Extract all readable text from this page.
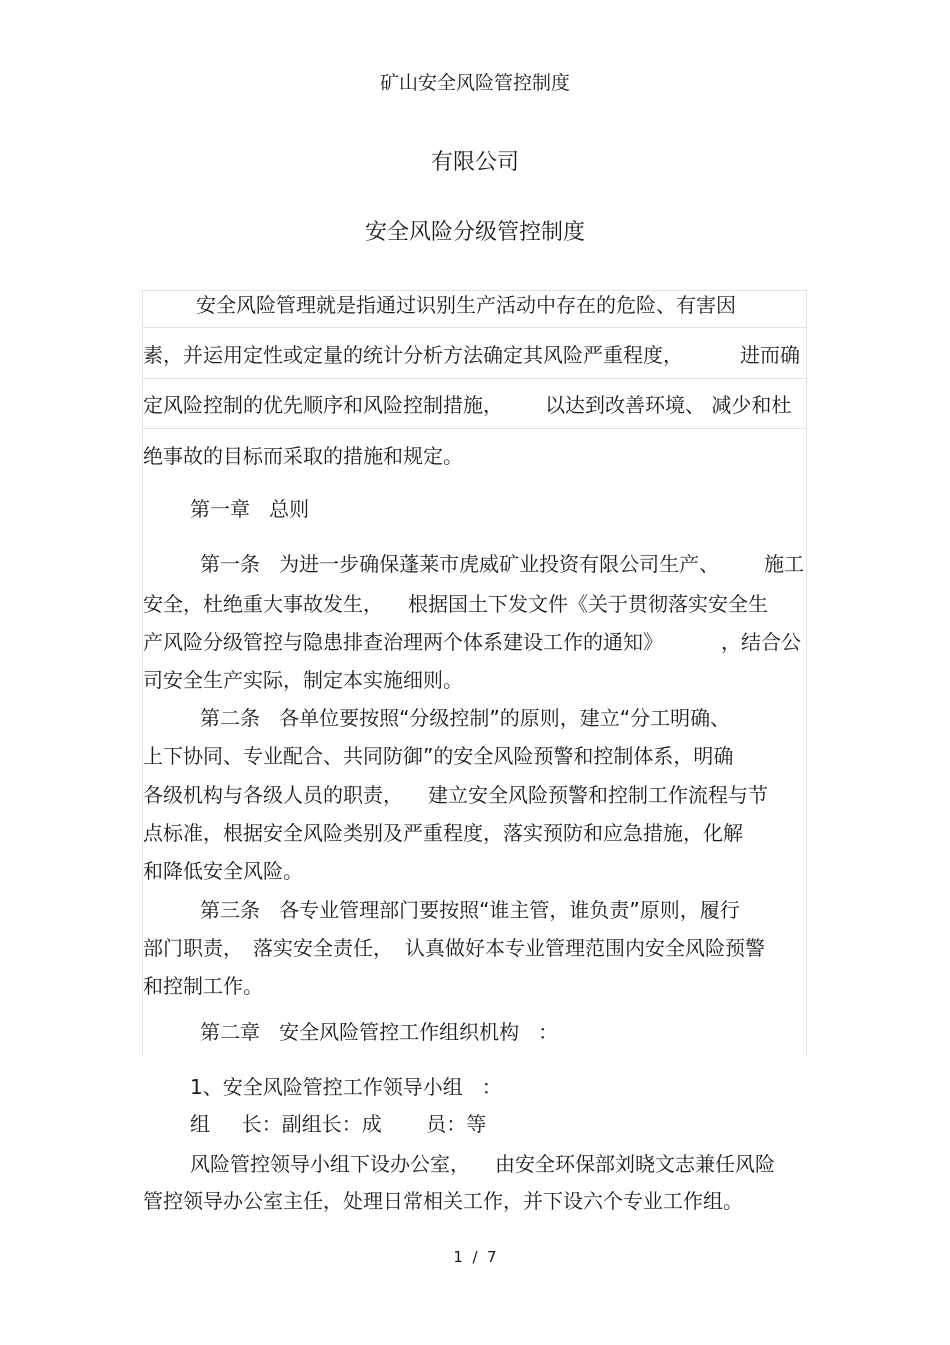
矿山安全风险管控制度
有限公司
安全风险分级管控制度
安全风险管理就是指通过识别生产活动中存在的危险、有害因
素，并运用定性或定量的统计分析方法确定其风险严重程度，	进而确
定风险控制的优先顺序和风险控制措施， 以达到改善环境、 减少和杜
绝事故的目标而采取的措施和规定。
第一章   总则
第一条   为进一步确保蓬莱市虎威矿业投资有限公司生产、 施工
安全，杜绝重大事故发生， 根据国土下发文件《关于贯彻落实安全生
产风险分级管控与隐患排查治理两个体系建设工作的通知》	，结合公
司安全生产实际，制定本实施细则。
第二条   各单位要按照“分级控制”的原则，建立“分工明确、
上下协同、专业配合、共同防御”的安全风险预警和控制体系，明确
各级机构与各级人员的职责， 建立安全风险预警和控制工作流程与节
点标准，根据安全风险类别及严重程度，落实预防和应急措施，化解
和降低安全风险。
第三条   各专业管理部门要按照“谁主管，谁负责”原则，履行
部门职责， 落实安全责任， 认真做好本专业管理范围内安全风险预警
和控制工作。
第二章   安全风险管控工作组织机构   ：
1、安全风险管控工作领导小组   ：
组     长：副组长：成       员：等
风险管控领导小组下设办公室， 由安全环保部刘晓文志兼任风险
管控领导办公室主任，处理日常相关工作，并下设六个专业工作组。
1  /  7
